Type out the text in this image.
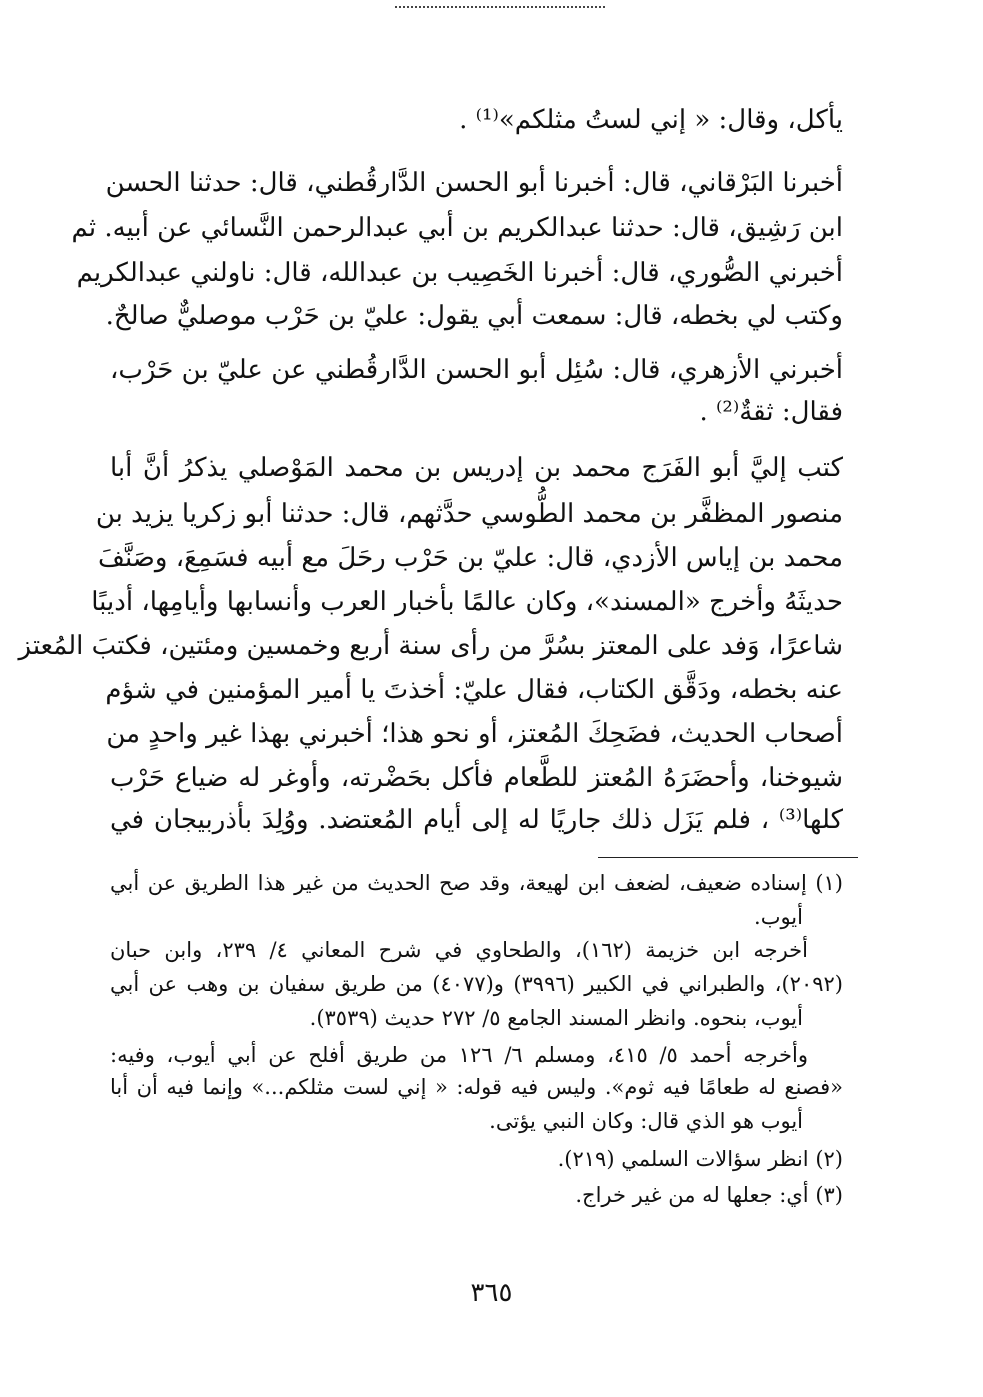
يأكل، وقال: « إني لستُ مثلكم»⁽¹⁾ .
أخبرنا البَرْقاني، قال: أخبرنا أبو الحسن الدَّارقُطني، قال: حدثنا الحسن
ابن رَشِيق، قال: حدثنا عبدالكريم بن أبي عبدالرحمن النَّسائي عن أبيه. ثم
أخبرني الصُّوري، قال: أخبرنا الخَصِيب بن عبدالله، قال: ناولني عبدالكريم
وكتب لي بخطه، قال: سمعت أبي يقول: عليّ بن حَرْب موصليٌّ صالحٌ.
أخبرني الأزهري، قال: سُئِل أبو الحسن الدَّارقُطني عن عليّ بن حَرْب،
فقال: ثقةٌ⁽²⁾ .
كتب إليَّ أبو الفَرَج محمد بن إدريس بن محمد المَوْصلي يذكرُ أنَّ أبا
منصور المظفَّر بن محمد الطُّوسي حدَّثهم، قال: حدثنا أبو زكريا يزيد بن
محمد بن إياس الأزدي، قال: عليّ بن حَرْب رحَلَ مع أبيه فسَمِعَ، وصَنَّفَ
حديثَهُ وأخرج «المسند»، وكان عالمًا بأخبار العرب وأنسابها وأيامِها، أديبًا
شاعرًا، وَفد على المعتز بسُرَّ من رأى سنة أربع وخمسين ومئتين، فكتبَ المُعتز
عنه بخطه، ودَقَّق الكتاب، فقال عليّ: أخذتَ يا أمير المؤمنين في شؤم
أصحاب الحديث، فضَحِكَ المُعتز، أو نحو هذا؛ أخبرني بهذا غير واحدٍ من
شيوخنا، وأحضَرَهُ المُعتز للطَّعام فأكل بحَضْرته، وأوغر له ضياع حَرْب
كلها⁽³⁾ ، فلم يَزَل ذلك جاريًا له إلى أيام المُعتضد. ووُلِدَ بأذربيجان في
(١) إسناده ضعيف، لضعف ابن لهيعة، وقد صح الحديث من غير هذا الطريق عن أبي
أيوب.
أخرجه ابن خزيمة (١٦٢)، والطحاوي في شرح المعاني ٤/ ٢٣٩، وابن حبان
(٢٠٩٢)، والطبراني في الكبير (٣٩٩٦) و(٤٠٧٧) من طريق سفيان بن وهب عن أبي
أيوب، بنحوه. وانظر المسند الجامع ٥/ ٢٧٢ حديث (٣٥٣٩).
وأخرجه أحمد ٥/ ٤١٥، ومسلم ٦/ ١٢٦ من طريق أفلح عن أبي أيوب، وفيه:
«فصنع له طعامًا فيه ثوم». وليس فيه قوله: « إني لست مثلكم...» وإنما فيه أن أبا
أيوب هو الذي قال: وكان النبي يؤتى.
(٢) انظر سؤالات السلمي (٢١٩).
(٣) أي: جعلها له من غير خراج.
٣٦٥
